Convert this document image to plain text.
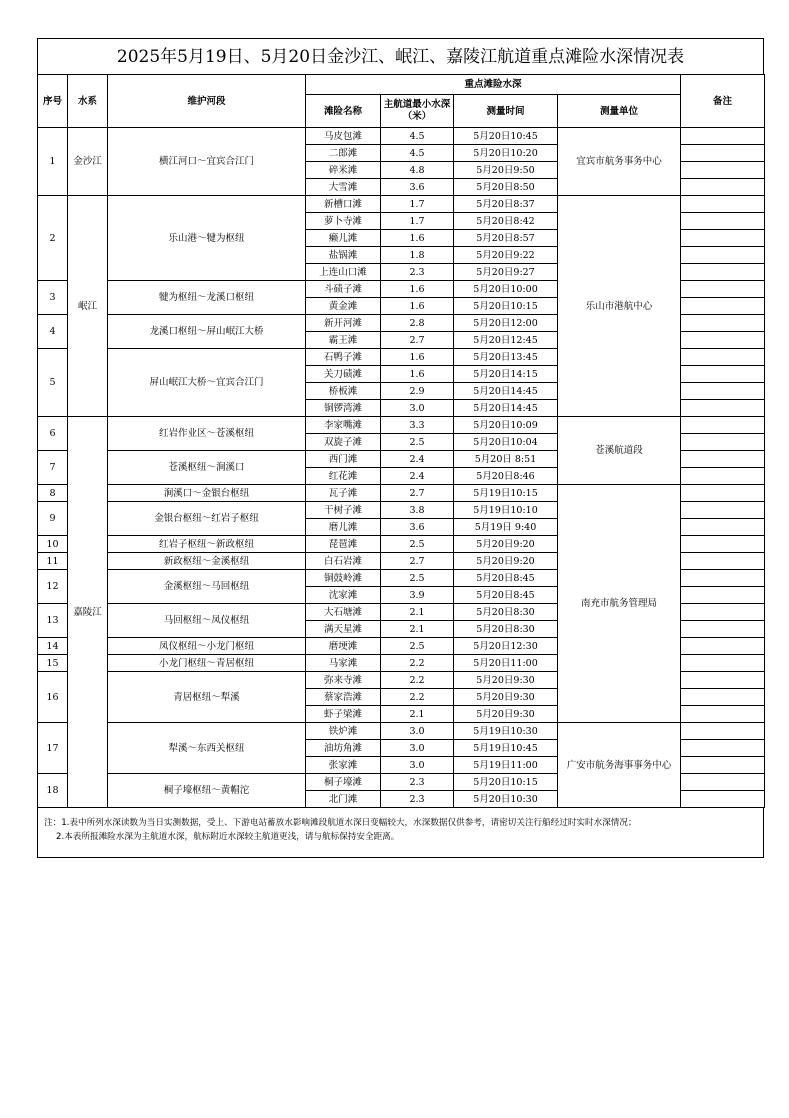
2025年5月19日、5月20日金沙江、岷江、嘉陵江航道重点滩险水深情况表
序号	水系	维护河段	重点滩险水深				备注
			滩险名称	主航道最小水深（米）	测量时间	测量单位	
1	金沙江	横江河口～宜宾合江门	马皮包滩	4.5	5月20日10:45	宜宾市航务事务中心	
			二郎滩	4.5	5月20日10:20		
			碎米滩	4.8	5月20日9:50		
			大雪滩	3.6	5月20日8:50		
2	岷江	乐山港～犍为枢纽	新槽口滩	1.7	5月20日8:37	乐山市港航中心	
			萝卜寺滩	1.7	5月20日8:42		
			癞儿滩	1.6	5月20日8:57		
			盐锅滩	1.8	5月20日9:22		
			上连山口滩	2.3	5月20日9:27		
3		犍为枢纽～龙溪口枢纽	斗碛子滩	1.6	5月20日10:00		
			黄金滩	1.6	5月20日10:15		
4		龙溪口枢纽～屏山岷江大桥	新开河滩	2.8	5月20日12:00		
			霸王滩	2.7	5月20日12:45		
5		屏山岷江大桥～宜宾合江门	石鸭子滩	1.6	5月20日13:45		
			关刀碛滩	1.6	5月20日14:15		
			桥板滩	2.9	5月20日14:45		
			铜锣湾滩	3.0	5月20日14:45		
6	嘉陵江	红岩作业区～苍溪枢纽	李家嘴滩	3.3	5月20日10:09	苍溪航道段	
			双旋子滩	2.5	5月20日10:04		
7		苍溪枢纽～涧溪口	西门滩	2.4	5月20日 8:51		
			红花滩	2.4	5月20日8:46		
8		涧溪口～金银台枢纽	瓦子滩	2.7	5月19日10:15	南充市航务管理局	
9		金银台枢纽～红岩子枢纽	干树子滩	3.8	5月19日10:10		
			磨儿滩	3.6	5月19日 9:40		
10		红岩子枢纽～新政枢纽	琵琶滩	2.5	5月20日9:20		
11		新政枢纽～金溪枢纽	白石岩滩	2.7	5月20日9:20		
12		金溪枢纽～马回枢纽	铜鼓岭滩	2.5	5月20日8:45		
			沈家滩	3.9	5月20日8:45		
13		马回枢纽～凤仪枢纽	大石塘滩	2.1	5月20日8:30		
			满天星滩	2.1	5月20日8:30		
14		凤仪枢纽～小龙门枢纽	磨埂滩	2.5	5月20日12:30		
15		小龙门枢纽～青居枢纽	马家滩	2.2	5月20日11:00		
16		青居枢纽～犁溪	弥来寺滩	2.2	5月20日9:30		
			蔡家浩滩	2.2	5月20日9:30		
			虾子梁滩	2.1	5月20日9:30		
17		犁溪～东西关枢纽	铁炉滩	3.0	5月19日10:30	广安市航务海事事务中心	
			油坊角滩	3.0	5月19日10:45		
			张家滩	3.0	5月19日11:00		
18		桐子壕枢纽～黄帽沱	桐子壕滩	2.3	5月20日10:15		
			北门滩	2.3	5月20日10:30		
注：1.表中所列水深读数为当日实测数据，受上、下游电站蓄放水影响滩段航道水深日变幅较大，水深数据仅供参考，请密切关注行船经过时实时水深情况；
2.本表所报滩险水深为主航道水深，航标附近水深较主航道更浅，请与航标保持安全距离。
